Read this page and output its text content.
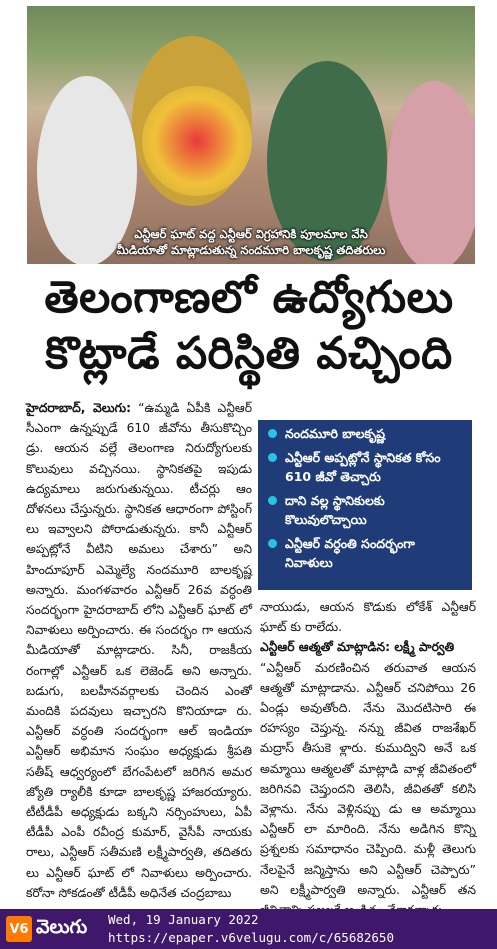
ఎన్టీఆర్ ఘాట్ వద్ద ఎన్టీఆర్ విగ్రహానికి పూలమాల వేసి
మీడియాతో మాట్లాడుతున్న నందమూరి బాలకృష్ణ తదితరులు
తెలంగాణలో ఉద్యోగులు
కొట్లాడే పరిస్థితి వచ్చింది
హైదరాబాద్, వెలుగు: “ఉమ్మడి ఏపీకి ఎన్టీఆర్ సీఎంగా ఉన్నప్పుడే 610 జీవోను తీసుకొచ్చిం డ్రు. ఆయన వల్లే తెలంగాణ నిరుద్యోగులకు కొలువులు వచ్చినయి. స్థానికతపై ఇపుడు ఉద్యమాలు జరుగుతున్నయి. టీచర్లు ఆం దోళనలు చేస్తున్నరు. స్థానికత ఆధారంగా పోస్టింగ్ లు ఇవ్వాలని పోరాడుతున్నరు. కానీ ఎన్టీఆర్ అప్పట్లోనే వీటిని అమలు చేశారు” అని హిందూపూర్ ఎమ్మెల్యే నందమూరి బాలకృష్ణ అన్నారు. మంగళవారం ఎన్టీఆర్ 26వ వర్ధంతి సందర్భంగా హైదరాబాద్ లోని ఎన్టీఆర్ ఘాట్ లో నివాళులు అర్పించారు. ఈ సందర్భం గా ఆయన మీడియాతో మాట్లాడారు. సినీ, రాజకీయ రంగాల్లో ఎన్టీఆర్ ఒక లెజెండ్ అని అన్నారు. బడుగు, బలహీనవర్గాలకు చెందిన ఎంతో మందికి పదవులు ఇచ్చారని కొనియాడా రు. ఎన్టీఆర్ వర్ధంతి సందర్భంగా ఆల్ ఇండియా ఎన్టీఆర్ అభిమాన సంఘం అధ్యక్షుడు శ్రీపతి సతీష్ ఆధ్వర్యంలో బేగంపేటలో జరిగిన అమర జ్యోతి ర్యాలీకి కూడా బాలకృష్ణ హాజరయ్యారు. టీటీడీపీ అధ్యక్షుడు బక్కని నర్సింహులు, ఏపీ టీడీపీ ఎంపీ రవీంద్ర కుమార్, వైసీపీ నాయకు రాలు, ఎన్టీఆర్ సతీమణి లక్ష్మీపార్వతి, తదితరు లు ఎన్టీఆర్ ఘాట్ లో నివాళులు అర్పించారు. కరోనా సోకడంతో టీడీపీ అధినేత చంద్రబాబు
నందమూరి బాలకృష్ణ
ఎన్టీఆర్ అప్పట్లోనే స్థానికత కోసం 610 జీవో తెచ్చారు
దాని వల్ల స్థానికులకు కొలువులొచ్చాయి
ఎన్టీఆర్ వర్ధంతి సందర్భంగా నివాళులు
నాయుడు, ఆయన కొడుకు లోకేశ్ ఎన్టీఆర్ ఘాట్ కు రాలేదు.
ఎన్టీఆర్ ఆత్మతో మాట్లాడిన: లక్ష్మీ పార్వతి
“ఎన్టీఆర్ మరణించిన తరువాత ఆయన ఆత్మతో మాట్లాడాను. ఎన్టీఆర్ చనిపోయి 26 ఏండ్లు అవుతోంది. నేను మొదటిసారి ఈ రహస్యం చెప్తున్న. నన్ను జీవిత రాజశేఖర్ మద్రాస్ తీసుకె ళ్లారు. కుముద్విని అనే ఒక అమ్మాయి ఆత్మలతో మాట్లాడి వాళ్ల జీవితంలో జరిగినవి చెప్తుందని తెలిసి, జీవితతో కలిసి వెళ్లాను. నేను వెళ్లినప్పు డు ఆ అమ్మాయి ఎన్టీఆర్ లా మారింది. నేను అడిగిన కొన్ని ప్రశ్నలకు సమాధానం చెప్పింది. మళ్లీ తెలుగు నేలపైనే జన్మిస్తాను అని ఎన్టీఆర్ చెప్పారు” అని లక్ష్మీపార్వతి అన్నారు. ఎన్టీఆర్ తన
V6 వెలుగు Wed, 19 January 2022
https://epaper.v6velugu.com/c/65682650
